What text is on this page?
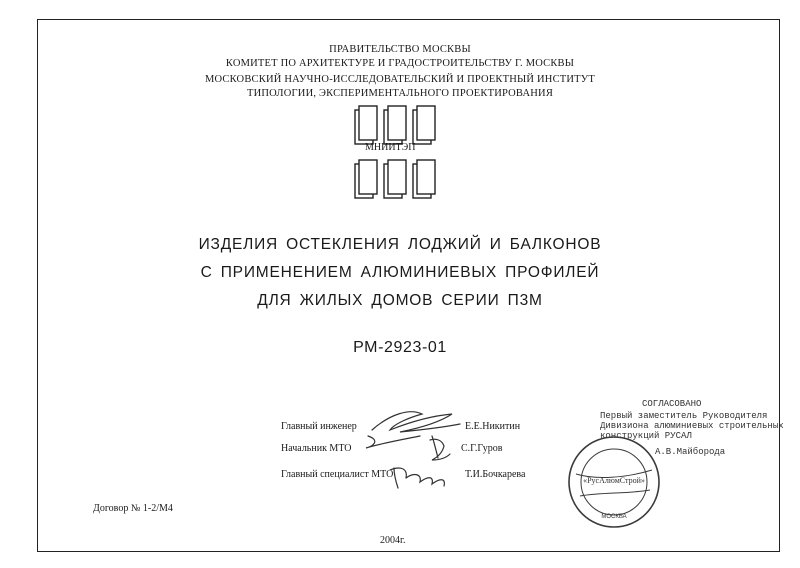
ПРАВИТЕЛЬСТВО МОСКВЫ
КОМИТЕТ ПО АРХИТЕКТУРЕ И ГРАДОСТРОИТЕЛЬСТВУ Г. МОСКВЫ
МОСКОВСКИЙ НАУЧНО-ИССЛЕДОВАТЕЛЬСКИЙ И ПРОЕКТНЫЙ ИНСТИТУТ
ТИПОЛОГИИ, ЭКСПЕРИМЕНТАЛЬНОГО ПРОЕКТИРОВАНИЯ
МНИИТЭП
ИЗДЕЛИЯ ОСТЕКЛЕНИЯ ЛОДЖИЙ И БАЛКОНОВ
С ПРИМЕНЕНИЕМ АЛЮМИНИЕВЫХ ПРОФИЛЕЙ
ДЛЯ ЖИЛЫХ ДОМОВ СЕРИИ П3М
РМ-2923-01
Главный инженер	Е.Е.Никитин
Начальник МТО	С.Г.Гуров
Главный специалист МТО	Т.И.Бочкарева
СОГЛАСОВАНО
Первый заместитель Руководителя
Дивизиона алюминиевых строительных
конструкций РУСАЛ
А.В.Майборода
«РусАлюмСтрой»
МОСКВА
Договор № 1-2/М4
2004г.
